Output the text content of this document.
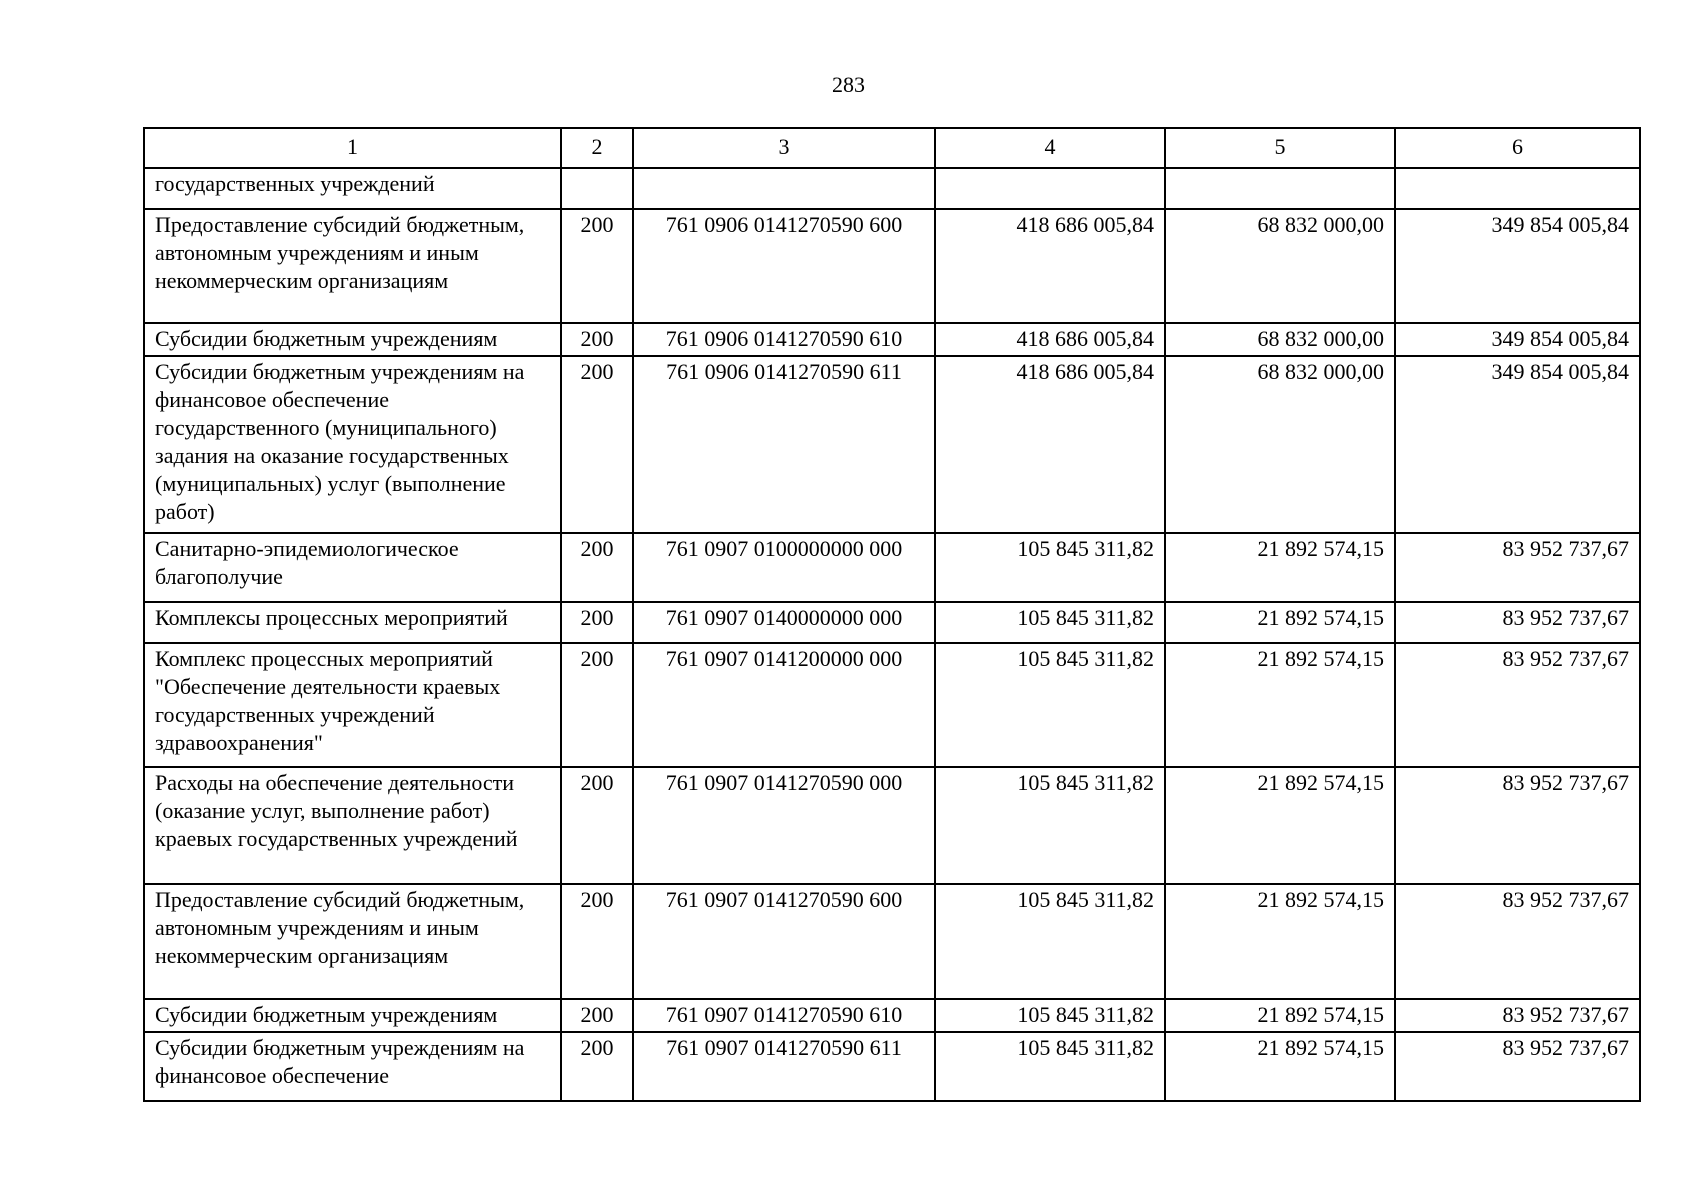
283
1	2	3	4	5	6
государственных учреждений					
Предоставление субсидий бюджетным, автономным учреждениям и иным некоммерческим организациям	200	761 0906 0141270590 600	418 686 005,84	68 832 000,00	349 854 005,84
Субсидии бюджетным учреждениям	200	761 0906 0141270590 610	418 686 005,84	68 832 000,00	349 854 005,84
Субсидии бюджетным учреждениям на финансовое обеспечение государственного (муниципального) задания на оказание государственных (муниципальных) услуг (выполнение работ)	200	761 0906 0141270590 611	418 686 005,84	68 832 000,00	349 854 005,84
Санитарно-эпидемиологическое благополучие	200	761 0907 0100000000 000	105 845 311,82	21 892 574,15	83 952 737,67
Комплексы процессных мероприятий	200	761 0907 0140000000 000	105 845 311,82	21 892 574,15	83 952 737,67
Комплекс процессных мероприятий "Обеспечение деятельности краевых государственных учреждений здравоохранения"	200	761 0907 0141200000 000	105 845 311,82	21 892 574,15	83 952 737,67
Расходы на обеспечение деятельности (оказание услуг, выполнение работ) краевых государственных учреждений	200	761 0907 0141270590 000	105 845 311,82	21 892 574,15	83 952 737,67
Предоставление субсидий бюджетным, автономным учреждениям и иным некоммерческим организациям	200	761 0907 0141270590 600	105 845 311,82	21 892 574,15	83 952 737,67
Субсидии бюджетным учреждениям	200	761 0907 0141270590 610	105 845 311,82	21 892 574,15	83 952 737,67
Субсидии бюджетным учреждениям на финансовое обеспечение	200	761 0907 0141270590 611	105 845 311,82	21 892 574,15	83 952 737,67
